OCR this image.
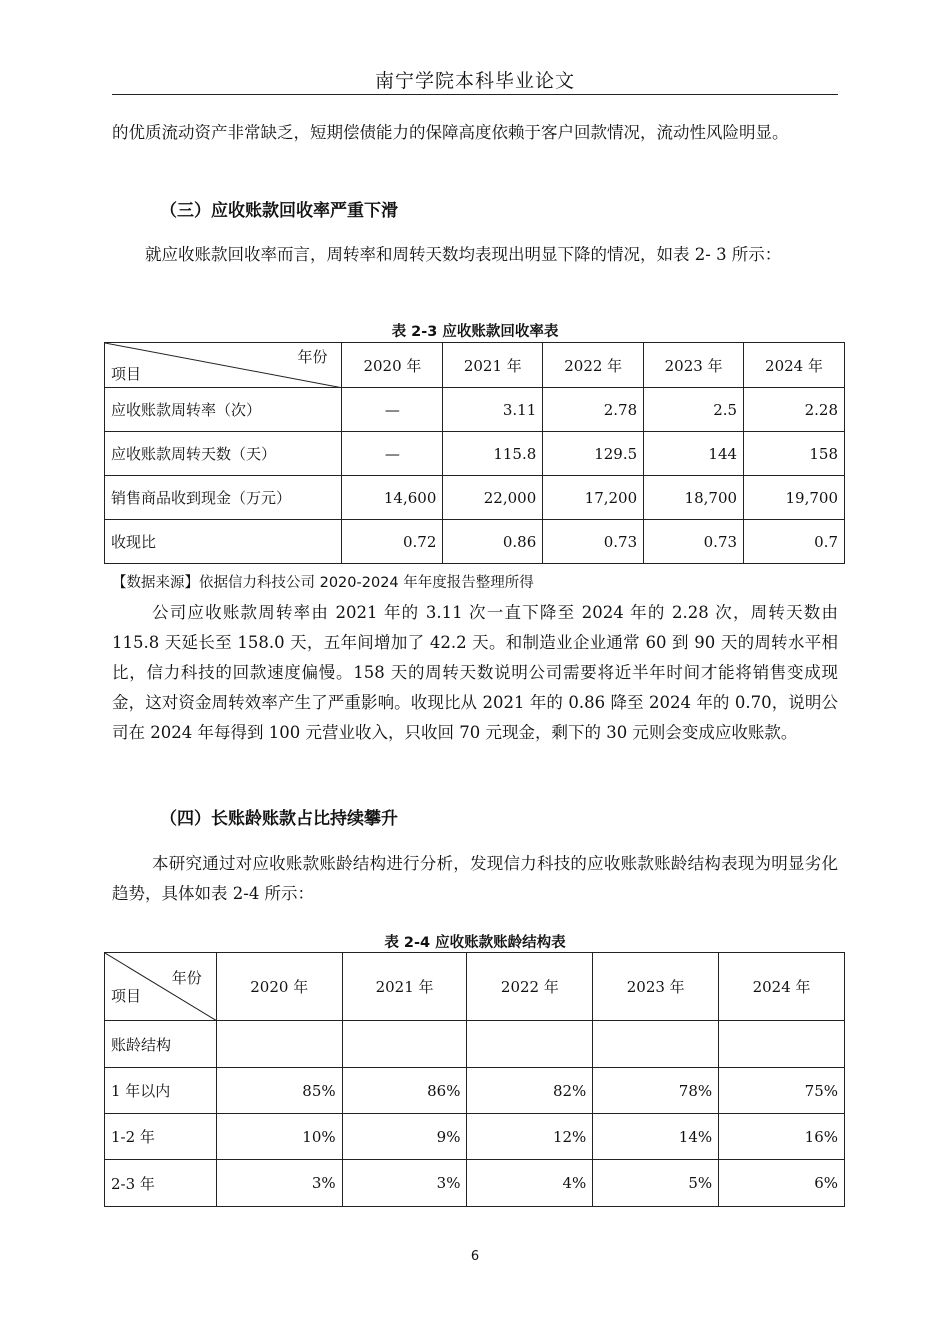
南宁学院本科毕业论文

的优质流动资产非常缺乏，短期偿债能力的保障高度依赖于客户回款情况，流动性风险明显。

（三）应收账款回收率严重下滑

就应收账款回收率而言，周转率和周转天数均表现出明显下降的情况，如表 2- 3 所示：

表 2-3 应收账款回收率表
年份
项目	2020 年	2021 年	2022 年	2023 年	2024 年
应收账款周转率（次）	—	3.11	2.78	2.5	2.28
应收账款周转天数（天）	—	115.8	129.5	144	158
销售商品收到现金（万元）	14,600	22,000	17,200	18,700	19,700
收现比	0.72	0.86	0.73	0.73	0.7
【数据来源】依据信力科技公司 2020-2024 年年度报告整理所得

公司应收账款周转率由 2021 年的 3.11 次一直下降至 2024 年的 2.28 次，周转天数由 115.8 天延长至 158.0 天，五年间增加了 42.2 天。和制造业企业通常 60 到 90 天的周转水平相比，信力科技的回款速度偏慢。158 天的周转天数说明公司需要将近半年时间才能将销售变成现金，这对资金周转效率产生了严重影响。收现比从 2021 年的 0.86 降至 2024 年的 0.70，说明公司在 2024 年每得到 100 元营业收入，只收回 70 元现金，剩下的 30 元则会变成应收账款。

（四）长账龄账款占比持续攀升

本研究通过对应收账款账龄结构进行分析，发现信力科技的应收账款账龄结构表现为明显劣化趋势，具体如表 2-4 所示：

表 2-4 应收账款账龄结构表
年份
项目	2020 年	2021 年	2022 年	2023 年	2024 年
账龄结构					
1 年以内	85%	86%	82%	78%	75%
1-2 年	10%	9%	12%	14%	16%
2-3 年	3%	3%	4%	5%	6%
6
